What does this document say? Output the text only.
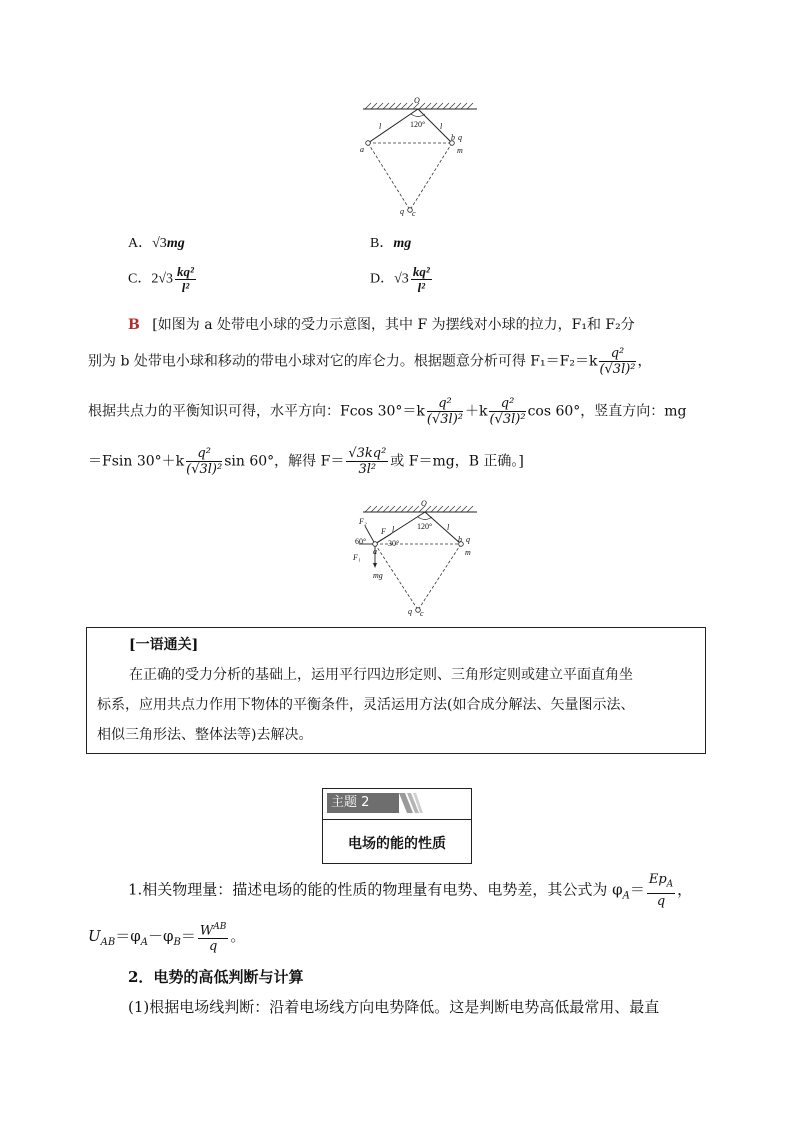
O
l	l
a
b q
m
q c
120°
A．√3mg	B．mg
C．$2√3 \frac{\text{kq²}}{\text{l²}}$	D．$√3 \frac{\text{kq²}}{\text{l²}}$
B [如图为 a 处带电小球的受力示意图，其中 F 为摆线对小球的拉力，F₁和 F₂分
别为 b 处带电小球和移动的带电小球对它的库仑力。根据题意分析可得 $F_1=F_2=k \frac{\text{q²}}{\text{(√3l)²}}$ ，
根据共点力的平衡知识可得，水平方向：Fcos $30^\circ=k \frac{\text{q²}}{\text{(√3l)²}} +k \frac{\text{q²}}{\text{(√3l)²}}$ cos 60°，竖直方向：mg
＝Fsin $30^\circ+k \frac{\text{q²}}{\text{(√3l)²}}$ sin 60°，解得 $F= \frac{\text{√3kq²}}{\text{3l²}}$ 或 F＝mg，B 正确。]
O
F₂
F l
a
F₁
mg
l
b q
m
q c
120°
60°	30°
[一语通关]
在正确的受力分析的基础上，运用平行四边形定则、三角形定则或建立平面直角坐
标系，应用共点力作用下物体的平衡条件，灵活运用方法(如合成分解法、矢量图示法、
相似三角形法、整体法等)去解决。
主题 2
电场的能的性质
1.相关物理量：描述电场的能的性质的物理量有电势、电势差，其公式为 $\varphi_A= \frac{Ep_A}{q}$ ，
$U_{AB}=\varphi_A-\varphi_B= \frac{W^{AB}}{q}$ 。
2．电势的高低判断与计算
(1)根据电场线判断：沿着电场线方向电势降低。这是判断电势高低最常用、最直
